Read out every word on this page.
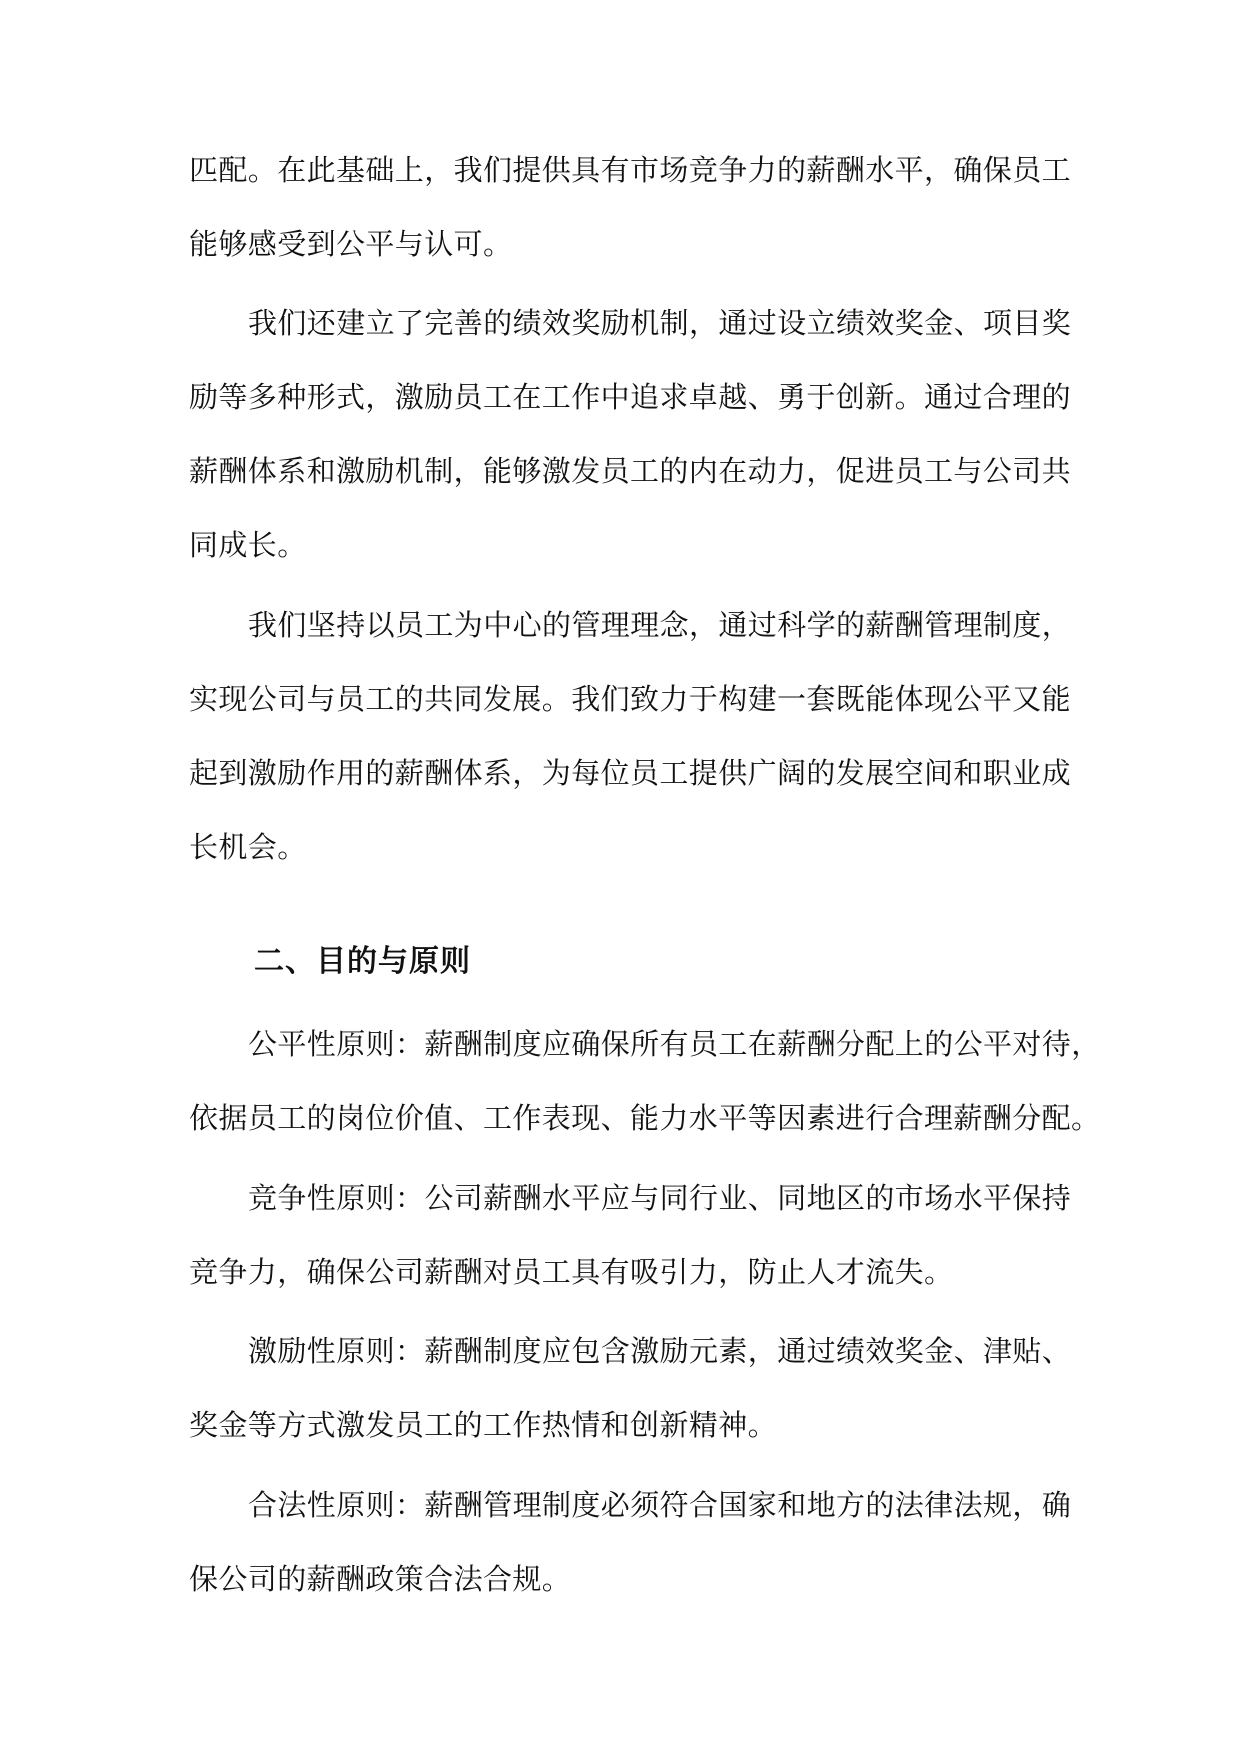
匹配。在此基础上，我们提供具有市场竞争力的薪酬水平，确保员工
能够感受到公平与认可。
我们还建立了完善的绩效奖励机制，通过设立绩效奖金、项目奖
励等多种形式，激励员工在工作中追求卓越、勇于创新。通过合理的
薪酬体系和激励机制，能够激发员工的内在动力，促进员工与公司共
同成长。
我们坚持以员工为中心的管理理念，通过科学的薪酬管理制度，
实现公司与员工的共同发展。我们致力于构建一套既能体现公平又能
起到激励作用的薪酬体系，为每位员工提供广阔的发展空间和职业成
长机会。
二、目的与原则
公平性原则：薪酬制度应确保所有员工在薪酬分配上的公平对待，
依据员工的岗位价值、工作表现、能力水平等因素进行合理薪酬分配。
竞争性原则：公司薪酬水平应与同行业、同地区的市场水平保持
竞争力，确保公司薪酬对员工具有吸引力，防止人才流失。
激励性原则：薪酬制度应包含激励元素，通过绩效奖金、津贴、
奖金等方式激发员工的工作热情和创新精神。
合法性原则：薪酬管理制度必须符合国家和地方的法律法规，确
保公司的薪酬政策合法合规。
